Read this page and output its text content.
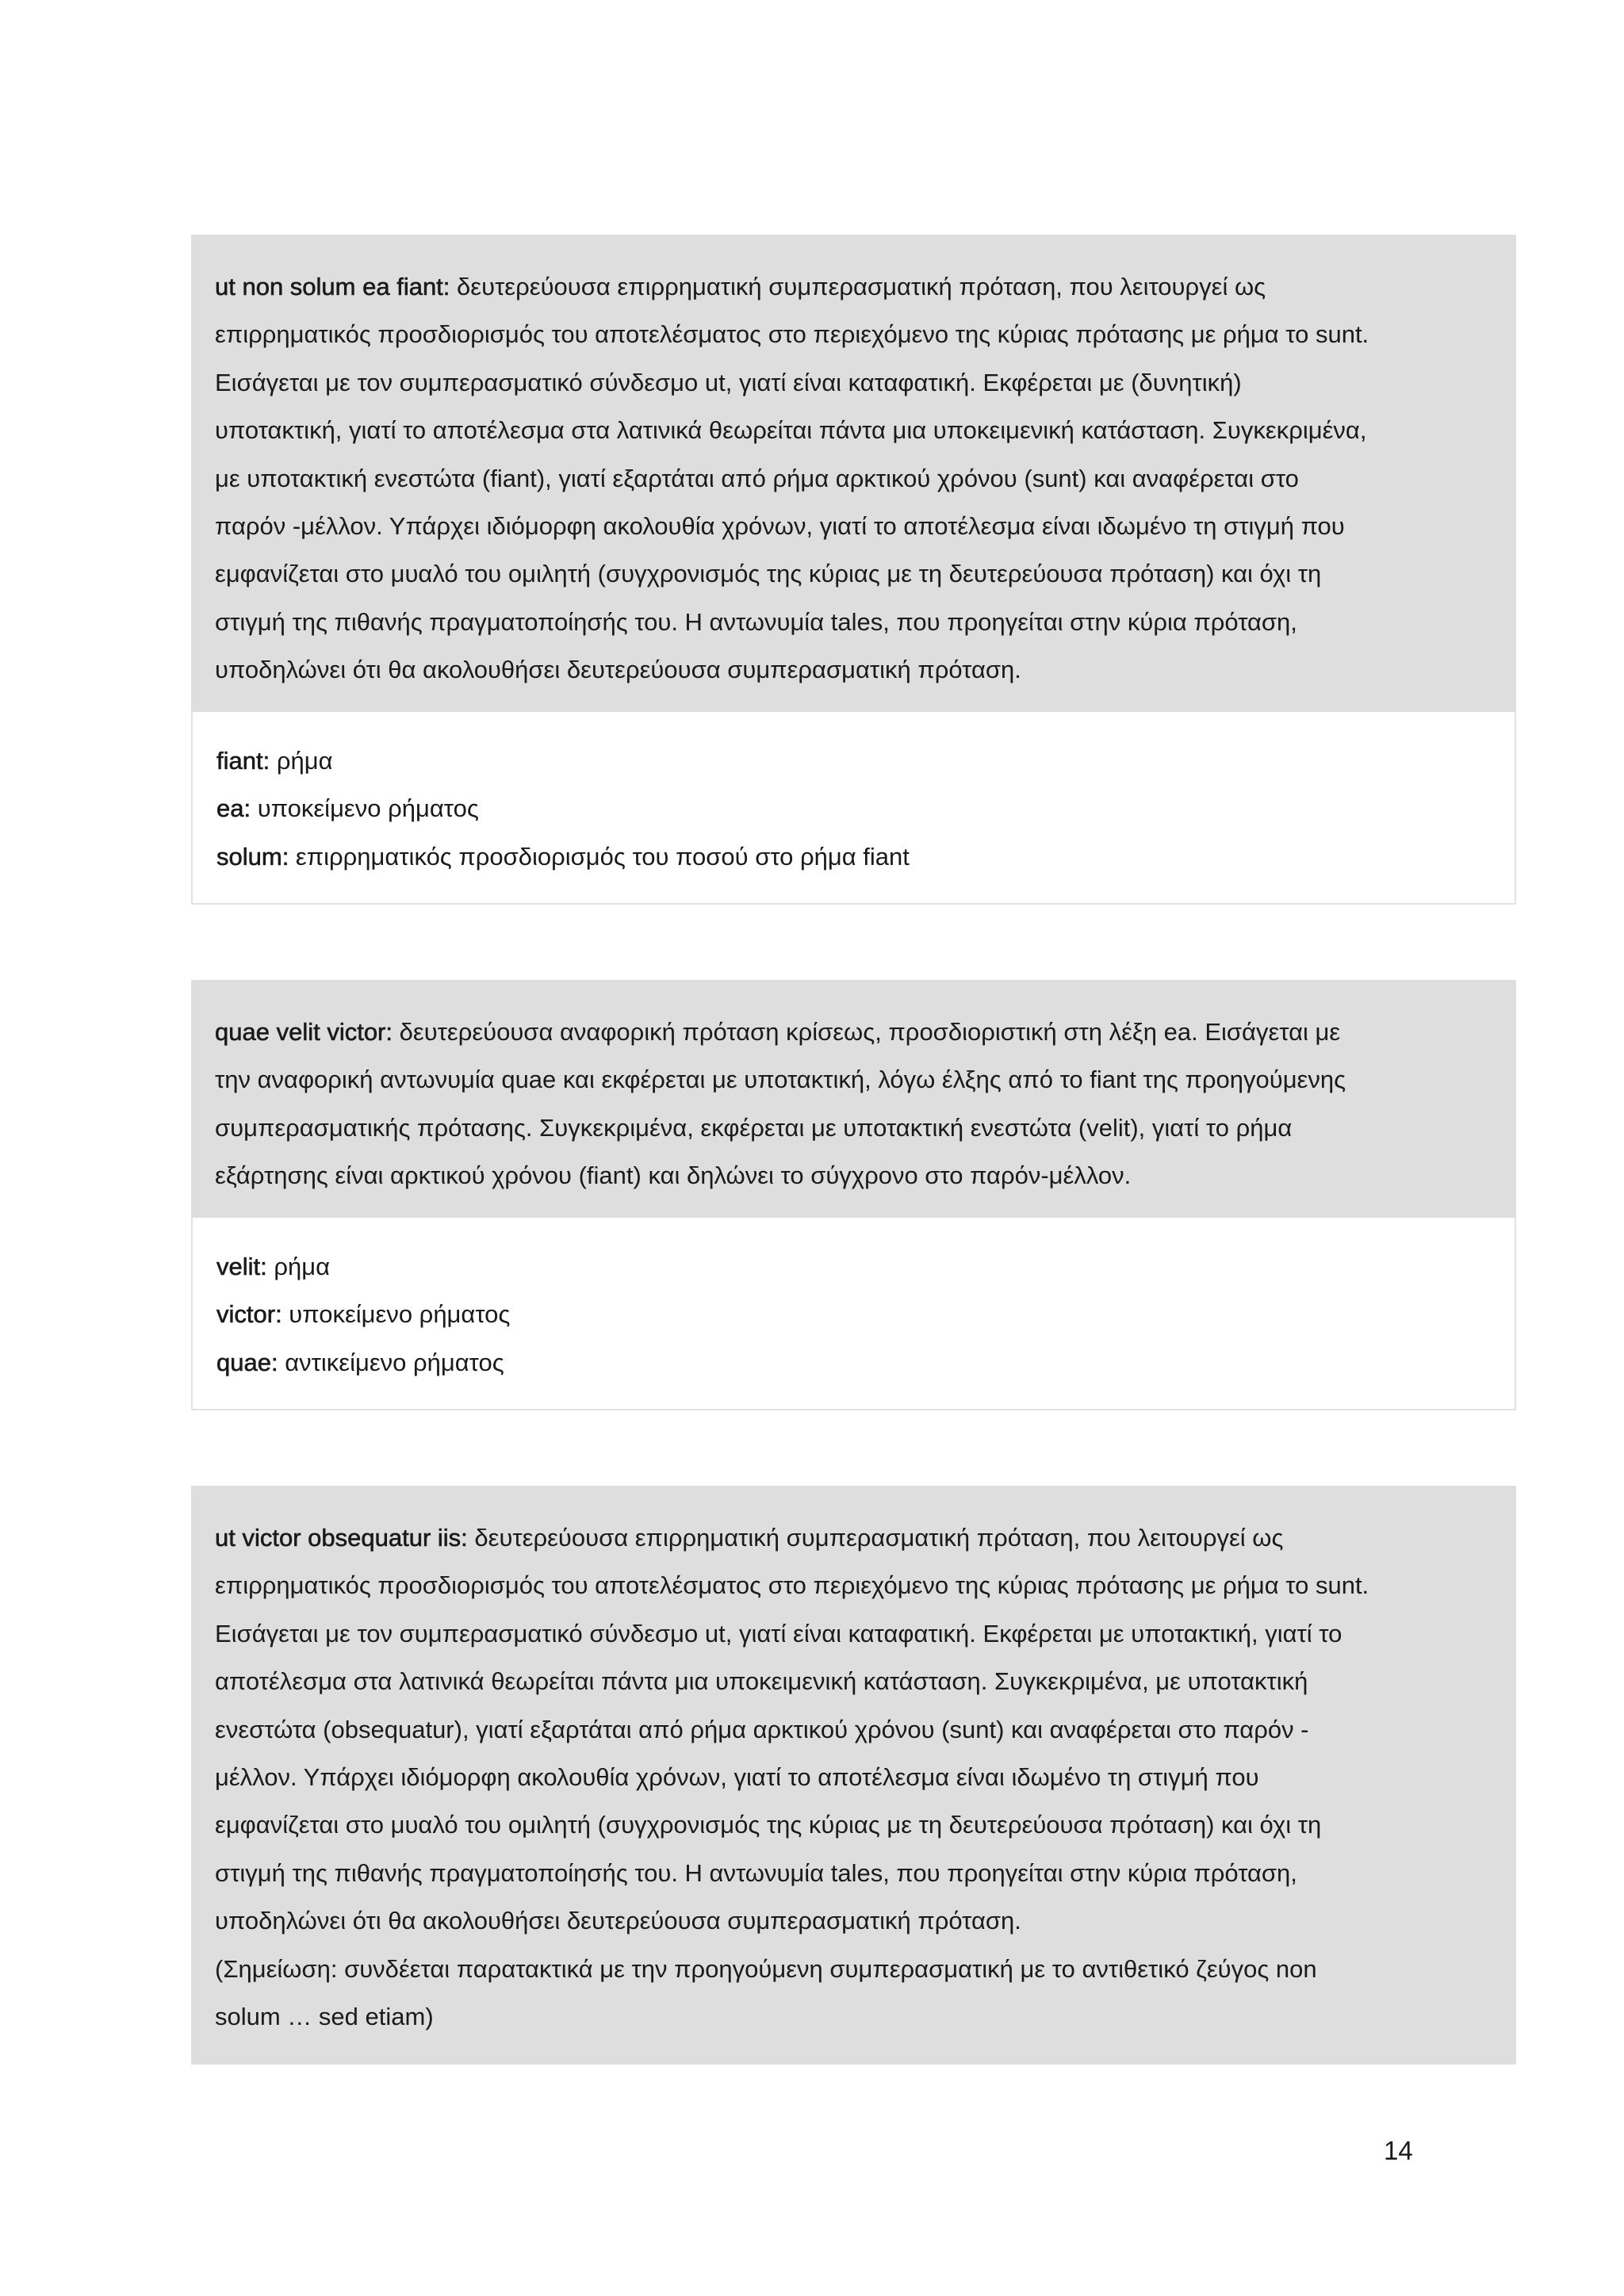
ut non solum ea fiant: δευτερεύουσα επιρρηματική συμπερασματική πρόταση, που λειτουργεί ως

επιρρηματικός προσδιορισμός του αποτελέσματος στο περιεχόμενο της κύριας πρότασης με ρήμα το sunt.

Εισάγεται με τον συμπερασματικό σύνδεσμο ut, γιατί είναι καταφατική. Εκφέρεται με (δυνητική)

υποτακτική, γιατί το αποτέλεσμα στα λατινικά θεωρείται πάντα μια υποκειμενική κατάσταση. Συγκεκριμένα,

με υποτακτική ενεστώτα (fiant), γιατί εξαρτάται από ρήμα αρκτικού χρόνου (sunt) και αναφέρεται στο

παρόν -μέλλον. Υπάρχει ιδιόμορφη ακολουθία χρόνων, γιατί το αποτέλεσμα είναι ιδωμένο τη στιγμή που

εμφανίζεται στο μυαλό του ομιλητή (συγχρονισμός της κύριας με τη δευτερεύουσα πρόταση) και όχι τη

στιγμή της πιθανής πραγματοποίησής του. Η αντωνυμία tales, που προηγείται στην κύρια πρόταση,

υποδηλώνει ότι θα ακολουθήσει δευτερεύουσα συμπερασματική πρόταση.

fiant: ρήμα

ea: υποκείμενο ρήματος

solum: επιρρηματικός προσδιορισμός του ποσού στο ρήμα fiant

quae velit victor: δευτερεύουσα αναφορική πρόταση κρίσεως, προσδιοριστική στη λέξη ea. Εισάγεται με

την αναφορική αντωνυμία quae και εκφέρεται με υποτακτική, λόγω έλξης από το fiant της προηγούμενης

συμπερασματικής πρότασης. Συγκεκριμένα, εκφέρεται με υποτακτική ενεστώτα (velit), γιατί το ρήμα

εξάρτησης είναι αρκτικού χρόνου (fiant) και δηλώνει το σύγχρονο στο παρόν-μέλλον.

velit: ρήμα

victor: υποκείμενο ρήματος

quae: αντικείμενο ρήματος

ut victor obsequatur iis: δευτερεύουσα επιρρηματική συμπερασματική πρόταση, που λειτουργεί ως

επιρρηματικός προσδιορισμός του αποτελέσματος στο περιεχόμενο της κύριας πρότασης με ρήμα το sunt.

Εισάγεται με τον συμπερασματικό σύνδεσμο ut, γιατί είναι καταφατική. Εκφέρεται με υποτακτική, γιατί το

αποτέλεσμα στα λατινικά θεωρείται πάντα μια υποκειμενική κατάσταση. Συγκεκριμένα, με υποτακτική

ενεστώτα (obsequatur), γιατί εξαρτάται από ρήμα αρκτικού χρόνου (sunt) και αναφέρεται στο παρόν -

μέλλον. Υπάρχει ιδιόμορφη ακολουθία χρόνων, γιατί το αποτέλεσμα είναι ιδωμένο τη στιγμή που

εμφανίζεται στο μυαλό του ομιλητή (συγχρονισμός της κύριας με τη δευτερεύουσα πρόταση) και όχι τη

στιγμή της πιθανής πραγματοποίησής του. Η αντωνυμία tales, που προηγείται στην κύρια πρόταση,

υποδηλώνει ότι θα ακολουθήσει δευτερεύουσα συμπερασματική πρόταση.

(Σημείωση: συνδέεται παρατακτικά με την προηγούμενη συμπερασματική με το αντιθετικό ζεύγος non

solum … sed etiam)

14
